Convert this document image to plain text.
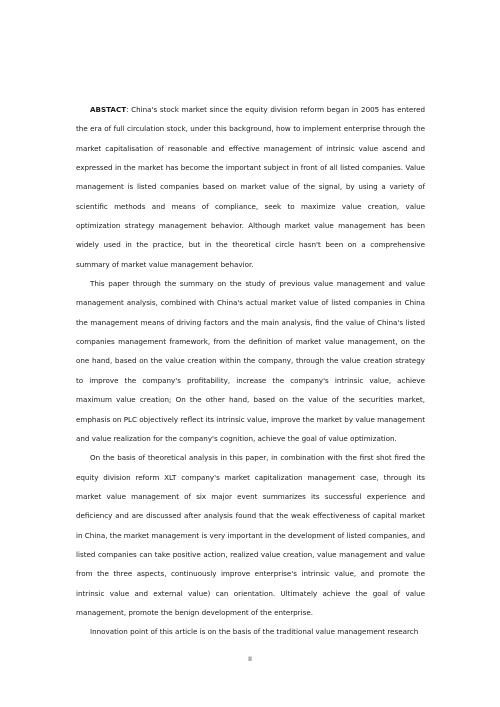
ABSTACT: China's stock market since the equity division reform began in 2005 has entered the era of full circulation stock, under this background, how to implement enterprise through the market capitalisation of reasonable and effective management of intrinsic value ascend and expressed in the market has become the important subject in front of all listed companies. Value management is listed companies based on market value of the signal, by using a variety of scientific methods and means of compliance, seek to maximize value creation, value optimization strategy management behavior. Although market value management has been widely used in the practice, but in the theoretical circle hasn't been on a comprehensive summary of market value management behavior.

This paper through the summary on the study of previous value management and value management analysis, combined with China's actual market value of listed companies in China the management means of driving factors and the main analysis, find the value of China's listed companies management framework, from the definition of market value management, on the one hand, based on the value creation within the company, through the value creation strategy to improve the company's profitability, increase the company's intrinsic value, achieve maximum value creation; On the other hand, based on the value of the securities market, emphasis on PLC objectively reflect its intrinsic value, improve the market by value management and value realization for the company's cognition, achieve the goal of value optimization.

On the basis of theoretical analysis in this paper, in combination with the first shot fired the equity division reform XLT company's market capitalization management case, through its market value management of six major event summarizes its successful experience and deficiency and are discussed after analysis found that the weak effectiveness of capital market in China, the market management is very important in the development of listed companies, and listed companies can take positive action, realized value creation, value management and value from the three aspects, continuously improve enterprise's intrinsic value, and promote the intrinsic value and external value) can orientation. Ultimately achieve the goal of value management, promote the benign development of the enterprise.

Innovation point of this article is on the basis of the traditional value management research

II
